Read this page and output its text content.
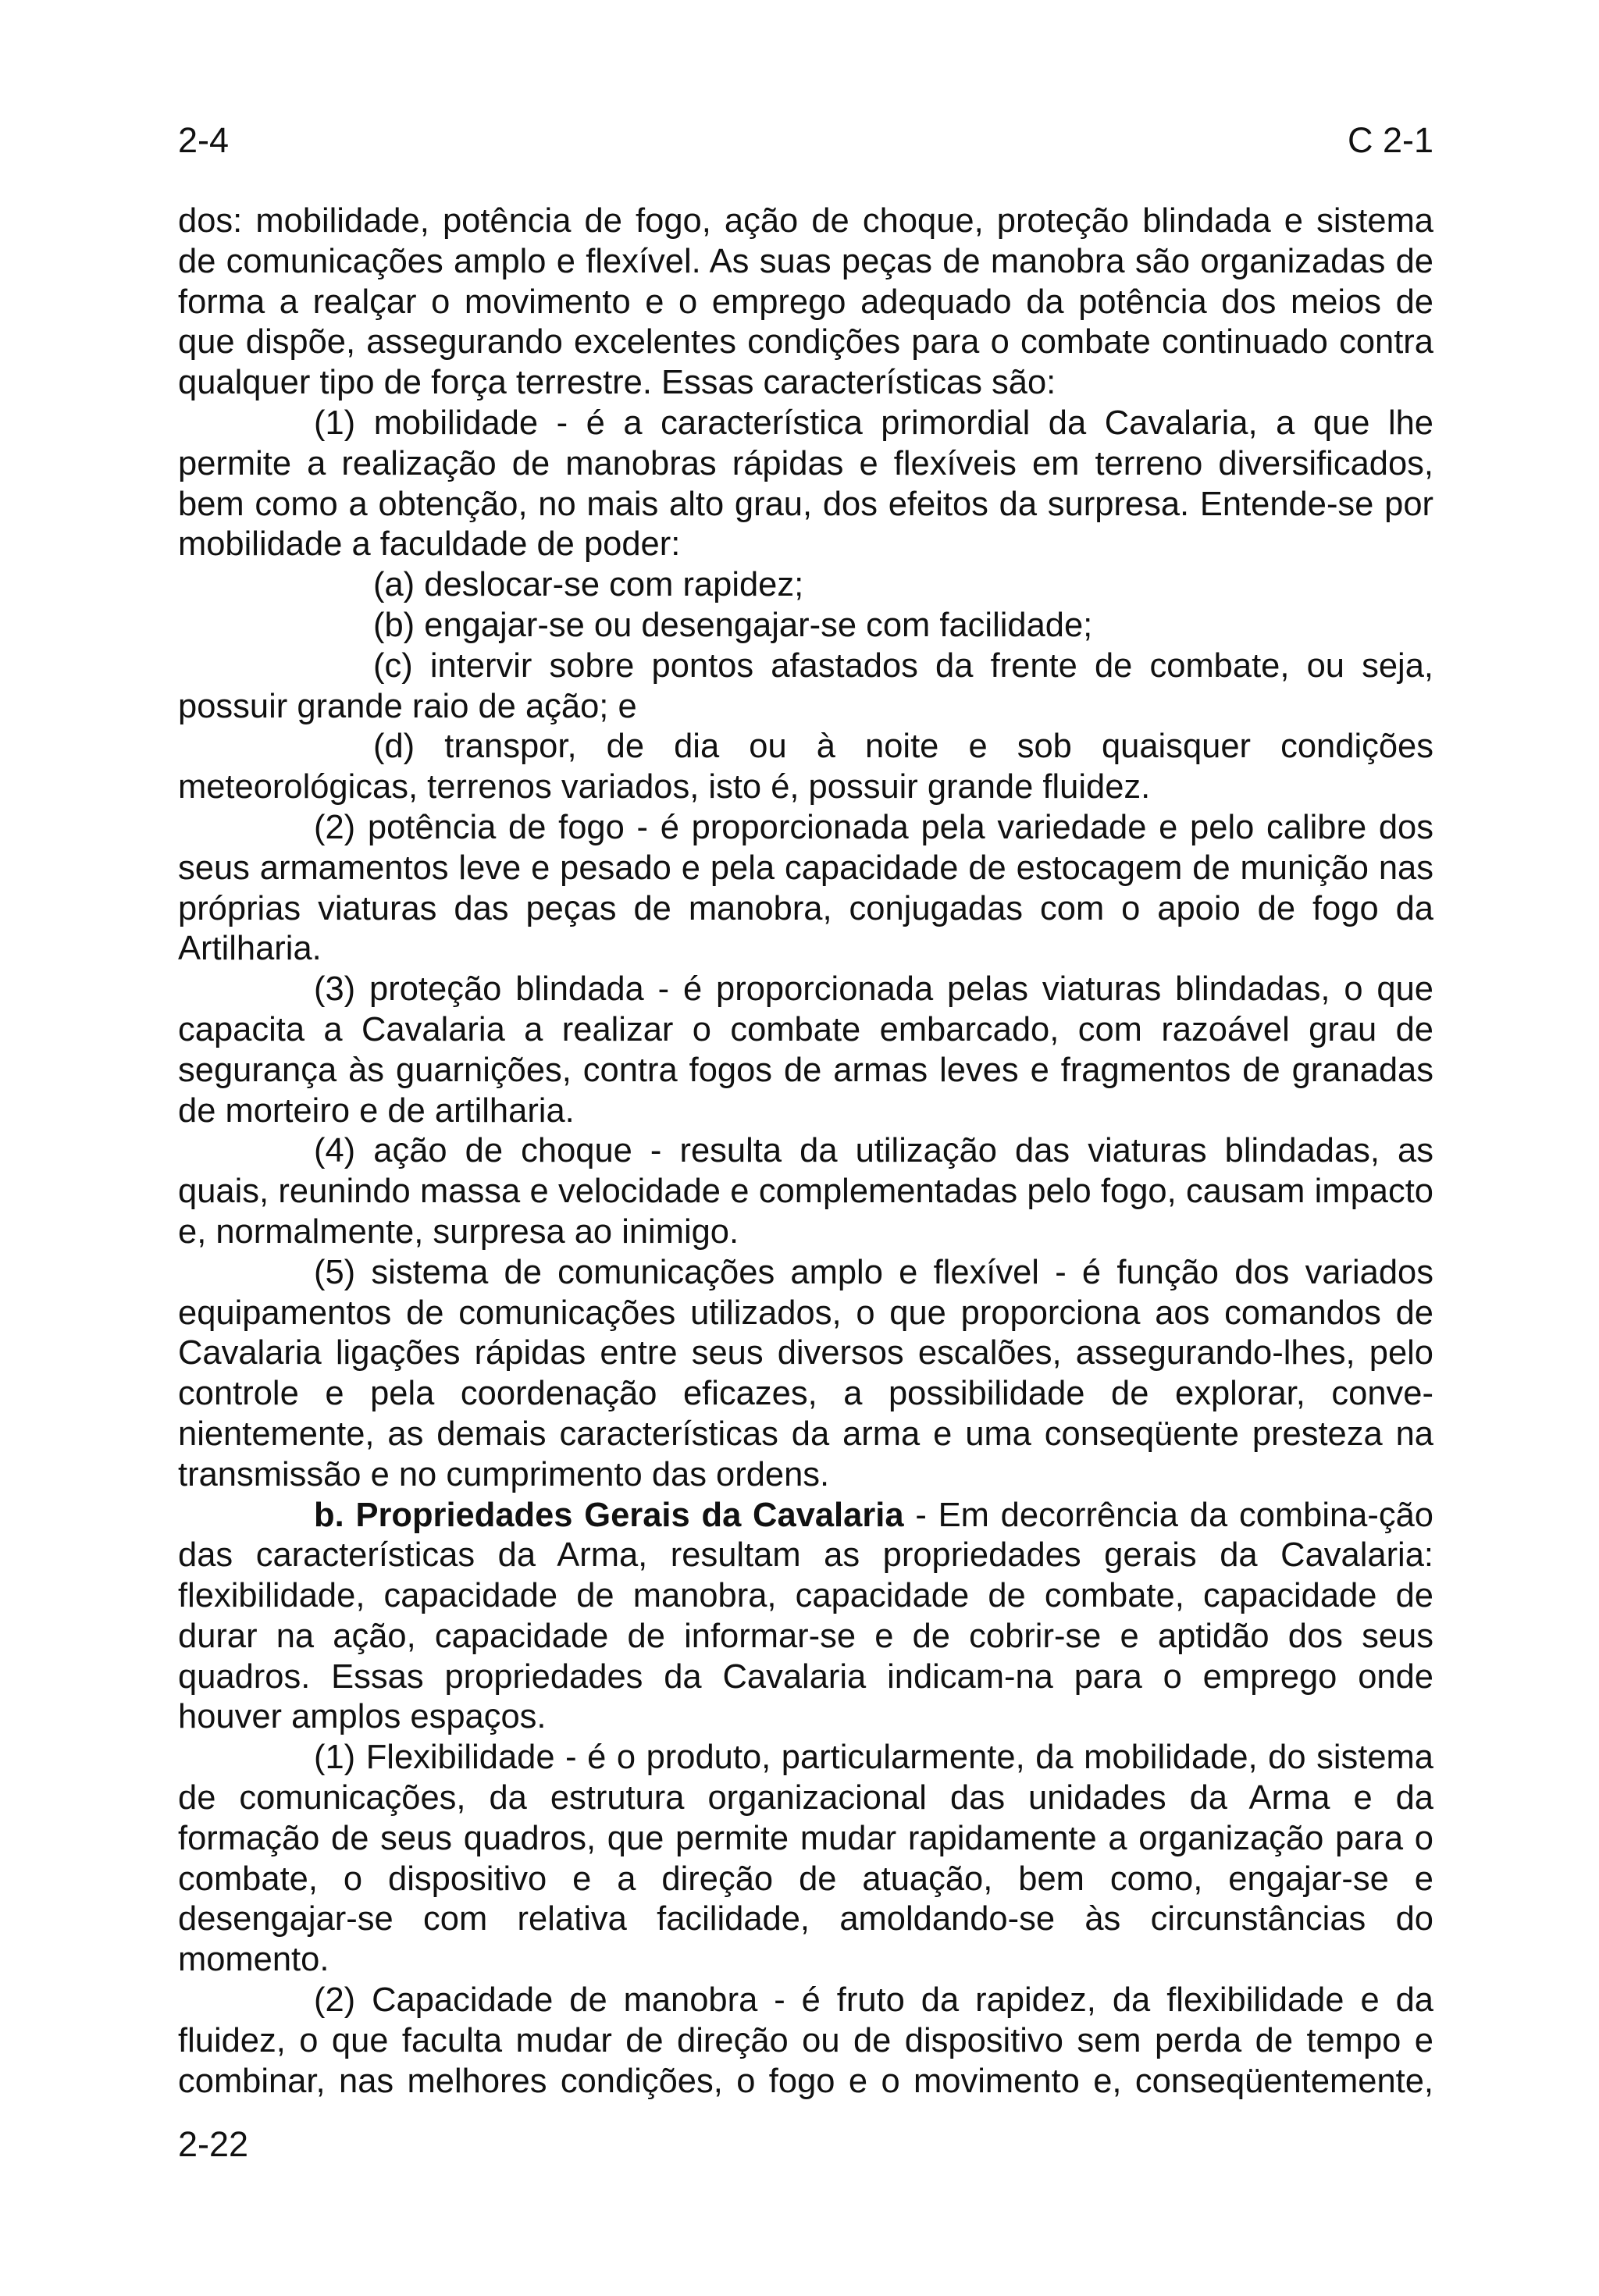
2-4	C 2-1

dos: mobilidade, potência de fogo, ação de choque, proteção blindada e sistema de comunicações amplo e flexível. As suas peças de manobra são organizadas de forma a realçar o movimento e o emprego adequado da potência dos meios de que dispõe, assegurando excelentes condições para o combate continuado contra qualquer tipo de força terrestre. Essas características são:

(1) mobilidade - é a característica primordial da Cavalaria, a que lhe permite a realização de manobras rápidas e flexíveis em terreno diversificados, bem como a obtenção, no mais alto grau, dos efeitos da surpresa. Entende-se por mobilidade a faculdade de poder:

(a) deslocar-se com rapidez;

(b) engajar-se ou desengajar-se com facilidade;

(c) intervir sobre pontos afastados da frente de combate, ou seja, possuir grande raio de ação; e

(d) transpor, de dia ou à noite e sob quaisquer condições meteorológicas, terrenos variados, isto é, possuir grande fluidez.

(2) potência de fogo - é proporcionada pela variedade e pelo calibre dos seus armamentos leve e pesado e pela capacidade de estocagem de munição nas próprias viaturas das peças de manobra, conjugadas com o apoio de fogo da Artilharia.

(3) proteção blindada - é proporcionada pelas viaturas blindadas, o que capacita a Cavalaria a realizar o combate embarcado, com razoável grau de segurança às guarnições, contra fogos de armas leves e fragmentos de granadas de morteiro e de artilharia.

(4) ação de choque - resulta da utilização das viaturas blindadas, as quais, reunindo massa e velocidade e complementadas pelo fogo, causam impacto e, normalmente, surpresa ao inimigo.

(5) sistema de comunicações amplo e flexível - é função dos variados equipamentos de comunicações utilizados, o que proporciona aos comandos de Cavalaria ligações rápidas entre seus diversos escalões, assegurando-lhes, pelo controle e pela coordenação eficazes, a possibilidade de explorar, conve-nientemente, as demais características da arma e uma conseqüente presteza na transmissão e no cumprimento das ordens.

b. Propriedades Gerais da Cavalaria - Em decorrência da combina-ção das características da Arma, resultam as propriedades gerais da Cavalaria: flexibilidade, capacidade de manobra, capacidade de combate, capacidade de durar na ação, capacidade de informar-se e de cobrir-se e aptidão dos seus quadros. Essas propriedades da Cavalaria indicam-na para o emprego onde houver amplos espaços.

(1) Flexibilidade - é o produto, particularmente, da mobilidade, do sistema de comunicações, da estrutura organizacional das unidades da Arma e da formação de seus quadros, que permite mudar rapidamente a organização para o combate, o dispositivo e a direção de atuação, bem como, engajar-se e desengajar-se com relativa facilidade, amoldando-se às circunstâncias do momento.

(2) Capacidade de manobra - é fruto da rapidez, da flexibilidade e da fluidez, o que faculta mudar de direção ou de dispositivo sem perda de tempo e combinar, nas melhores condições, o fogo e o movimento e, conseqüentemente,

2-22
